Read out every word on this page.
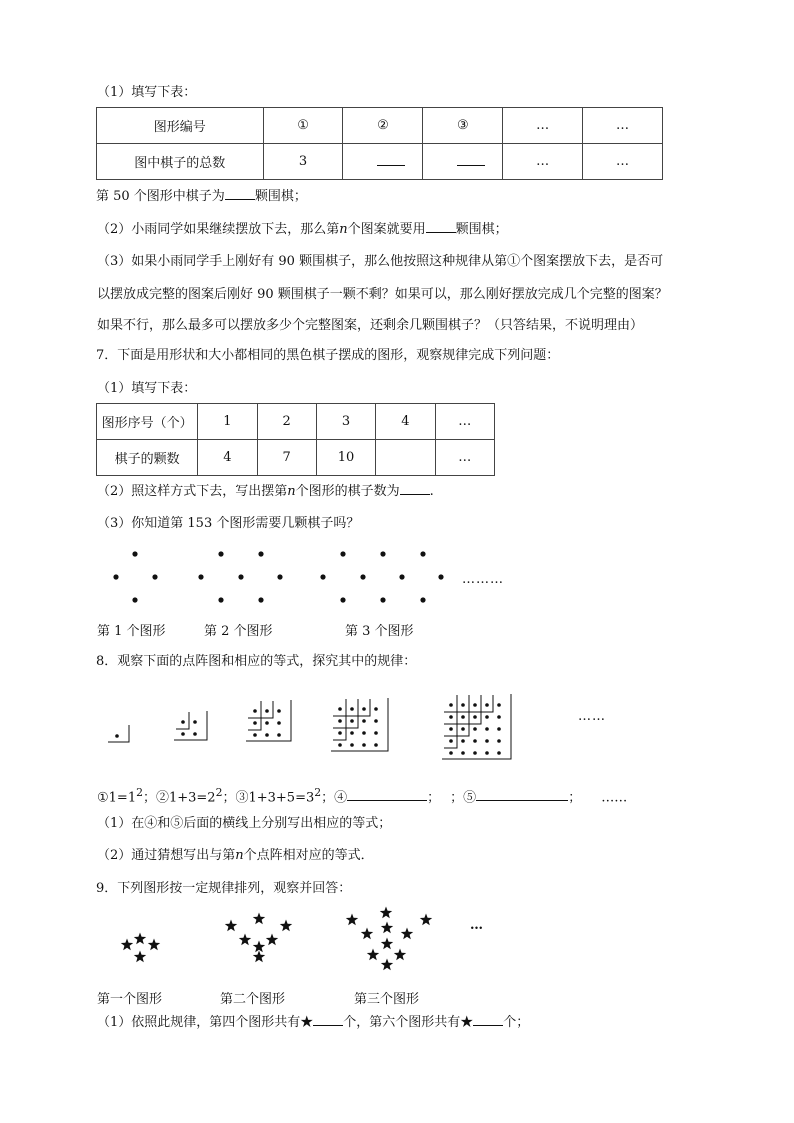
（1）填写下表：
图形编号	①	②	③	…	…
图中棋子的总数	3			…	…
第 50 个图形中棋子为 颗围棋；
（2）小雨同学如果继续摆放下去，那么第n个图案就要用 颗围棋；
（3）如果小雨同学手上刚好有 90 颗围棋子，那么他按照这种规律从第①个图案摆放下去，是否可
以摆放成完整的图案后刚好 90 颗围棋子一颗不剩？如果可以，那么刚好摆放完成几个完整的图案？
如果不行，那么最多可以摆放多少个完整图案，还剩余几颗围棋子？（只答结果，不说明理由）
7．下面是用形状和大小都相同的黑色棋子摆成的图形，观察规律完成下列问题：
（1）填写下表：
图形序号（个）	1	2	3	4	…
棋子的颗数	4	7	10		…
（2）照这样方式下去，写出摆第n个图形的棋子数为 .
（3）你知道第 153 个图形需要几颗棋子吗？
………
第 1 个图形	第 2 个图形	第 3 个图形
8．观察下面的点阵图和相应的等式，探究其中的规律：
……
$①1=1^2$；$②1+3=2^2$；$③1+3+5=3^2$；④	； ；⑤	； ……
（1）在④和⑤后面的横线上分别写出相应的等式；
（2）通过猜想写出与第n个点阵相对应的等式．
9．下列图形按一定规律排列，观察并回答：
…
第一个图形	第二个图形	第三个图形
（1）依照此规律，第四个图形共有★ 个，第六个图形共有★ 个；
